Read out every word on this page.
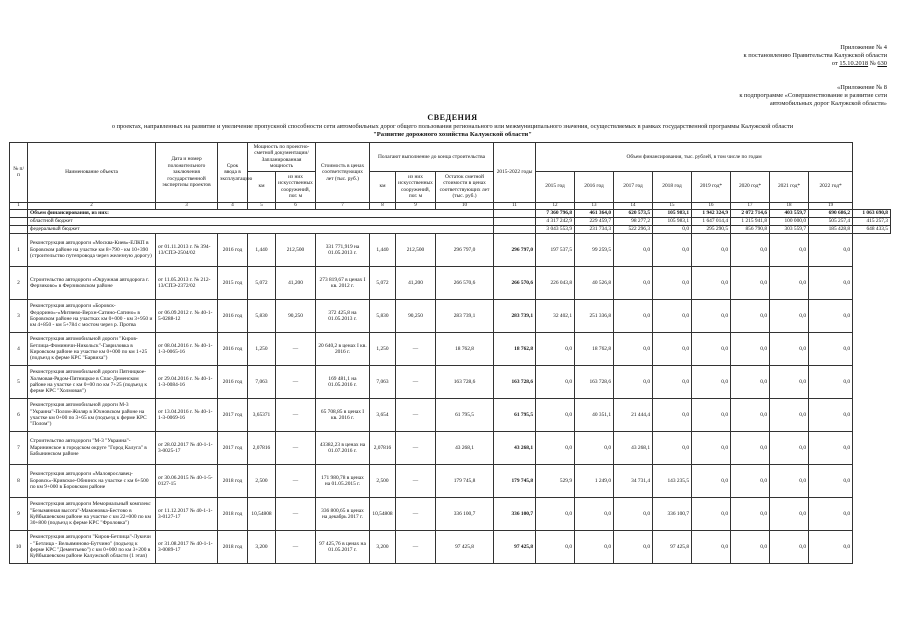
Приложение № 4
к постановлению Правительства Калужской области
от 15.10.2018 № 630
«Приложение № 8
к подпрограмме «Совершенствование и развитие сети
автомобильных дорог Калужской области»
СВЕДЕНИЯ
о проектах, направленных на развитие и увеличение пропускной способности сети автомобильных дорог общего пользования регионального или межмуниципального значения, осуществляемых в рамках государственной программы Калужской области
"Развитие дорожного хозяйства Калужской области"
№ п/п	Наименование объекта	Дата и номер положительного заключения государственной экспертизы проектов	Срок ввода в эксплуатацию	Мощность по проектно-сметной документации/ Запланированная мощность		Стоимость в ценах соответствующих лет (тыс. руб.)	Полагают выполнение до конца строительства			2015-2022 годы	Объем финансирования, тыс. рублей, в том числе по годам								
				км	из них искусственных сооружений, пог. м		км	из них искусственных сооружений, пог. м	Остаток сметной стоимости в ценах соответствующих лет (тыс. руб.)		2015 год	2016 год	2017 год	2018 год	2019 год*	2020 год*	2021 год*	2022 год*	
1	2	3	4	5	6	7	8	9	10	11	12	13	14	15	16	17	18	19	
	Объем финансирования, из них:										7 360 796,8	461 364,0	620 573,5	105 983,1	1 942 324,9	2 072 714,6	403 559,7	690 686,2	1 063 690,8
	областной бюджет										4 317 242,9	229 459,7	98 277,2	105 983,1	1 647 014,4	1 215 941,8	100 000,0	505 257,4	415 257,3
	федеральный бюджет										3 043 553,9	231 734,3	522 296,3	0,0	295 290,5	856 790,8	303 559,7	185 428,8	648 433,5
1	Реконструкция автодороги «Москва-Киев»-ЕЛКП в Боровском районе на участке км 8+790 - км 10+390 (строительство путепровода через железную дорогу)	от 01.11.2013 г. № 394-13/СПЭ-2504/02	2016 год	1,440	212,500	331 771,919 на 01.05.2013 г.	1,440	212,500	296 797,0	296 797,0	197 537,5	99 259,5	0,0	0,0	0,0	0,0	0,0	0,0	
2	Строительство автодороги «Окружная автодорога г. Ферзиково» в Ферзиковском районе	от 11.05.2013 г. № 212-13/СПЭ-2372/02	2015 год	5,072	41,200	273 819,67 в ценах I кв. 2012 г.	5,072	41,200	266 570,6	266 570,6	226 043,8	40 526,8	0,0	0,0	0,0	0,0	0,0	0,0	
3	Реконструкция автодороги «Боровск-Федорино»-«Митяево-Верхн-Сатино-Сатино» в Боровском районе на участках км 0+000 - км 3+950 и км 4+850 - км 5+784 с мостом через р. Протва	от 06.09.2012 г. № 40-1-5-0288-12	2016 год	5,830	90,250	372 425,8 на 01.05.2013 г.	5,830	90,250	283 739,1	283 739,1	32 402,1	251 336,8	0,0	0,0	0,0	0,0	0,0	0,0	
4	Реконструкция автомобильной дороги "Киров-Бетлица-Фоминичи-Никольск"-Гавриловка в Кировском районе на участке км 0+000 по км 1+25 (подъезд к ферме КРС "Барвиха")	от 08.04.2016 г. № 40-1-1-3-0065-16	2016 год	1,250	—	20 640,2 в ценах I кв. 2016 г.	1,250	—	18 762,8	18 762,8	0,0	18 762,8	0,0	0,0	0,0	0,0	0,0	0,0	
5	Реконструкция автомобильной дороги Пятницкое-Холмовая-Рядом-Пятницкое в Спас-Деменском районе на участке с км 0+00 по км 7+25 (подъезд к ферме КРС "Холмовая")	от 29.04.2016 г. № 40-1-1-3-0084-16	2016 год	7,063	—	169 481,1 на 01.05.2016 г.	7,063	—	163 728,6	163 728,6	0,0	163 728,6	0,0	0,0	0,0	0,0	0,0	0,0	
6	Реконструкция автомобильной дороги М-3 "Украина"-Полом-Жиляр в Юхновском районе на участке км 0+00 по 3+65 км (подъезд к ферме КРС "Полом")	от 13.04.2016 г. № 40-1-1-3-0069-16	2017 год	3,65371	—	65 708,85 в ценах I кв. 2016 г.	3,654	—	61 795,5	61 795,5	0,0	40 351,1	21 444,4	0,0	0,0	0,0	0,0	0,0	
7	Строительство автодороги "М-3 "Украина"-Марининское в городском округе "Город Калуга" в Бабынинском районе	от 28.02.2017 № 40-1-1-3-0025-17	2017 год	2,07816	—	43382,23 в ценах на 01.07.2016 г.	2,07816	—	43 268,1	43 268,1	0,0	0,0	43 268,1	0,0	0,0	0,0	0,0	0,0	
8	Реконструкция автодороги «Малоярославец-Боровск»-Кривское-Обнинск на участке с км 6+500 по км 9+000 в Боровском районе	от 30.06.2015 № 40-1-5-0127-15	2018 год	2,500	—	171 980,78 в ценах на 01.05.2015 г.	2,500	—	179 745,8	179 745,8	529,9	1 249,0	34 731,4	143 235,5	0,0	0,0	0,0	0,0	
9	Реконструкция автодороги Мемориальный комплекс "Безымянная высота"-Мамоновка-Бестово в Куйбышевском районе на участке с км 22+000 по км 30+800 (подъезд к ферме КРС "Фроловка")	от 11.12.2017 № 40-1-1-3-0127-17	2018 год	10,54808	—	336 800,65 в ценах на декабрь 2017 г.	10,54808	—	336 100,7	336 100,7	0,0	0,0	0,0	336 100,7	0,0	0,0	0,0	0,0	
10	Реконструкция автодороги "Киров-Бетлица"-Лукичи - "Бетлица - Вельяминово-Бутчино" (подъезд к ферме КРС "Дементьево") с км 0+000 по км 3+200 в Куйбышевском районе Калужской области (1 этап)	от 31.08.2017 № 40-1-1-3-0089-17	2018 год	3,200	—	97 425,76 в ценах на 01.05.2017 г.	3,200	—	97 425,8	97 425,8	0,0	0,0	0,0	97 425,8	0,0	0,0	0,0	0,0	
